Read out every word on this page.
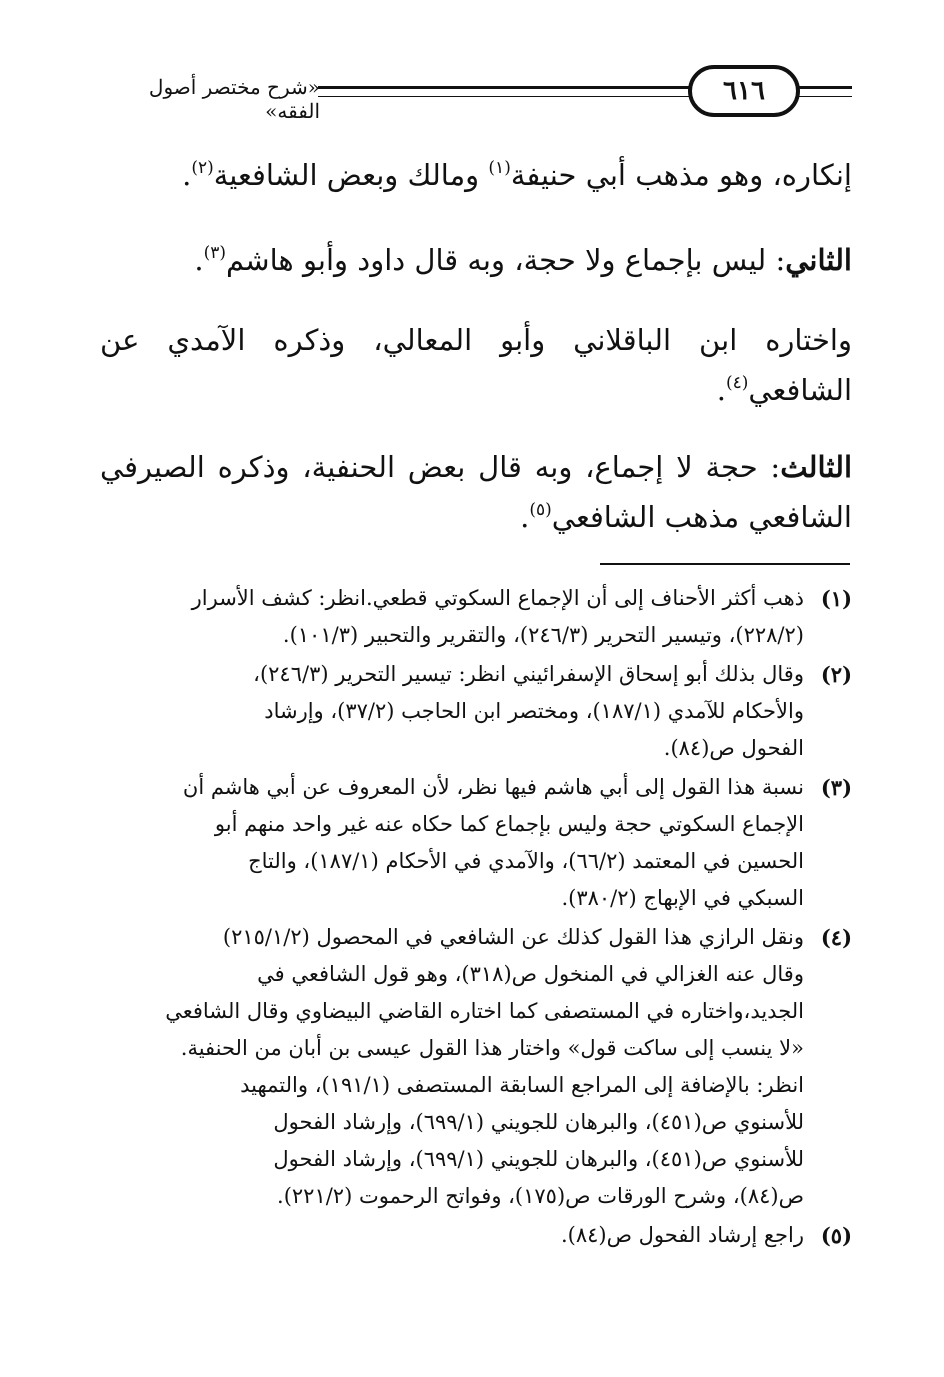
«شرح مختصر أصول الفقه»
٦١٦

إنكاره، وهو مذهب أبي حنيفة$^{(١)}$ ومالك وبعض الشافعية$^{(٢)}$.

الثاني: ليس بإجماع ولا حجة، وبه قال داود وأبو هاشم$^{(٣)}$.

واختاره ابن الباقلاني وأبو المعالي، وذكره الآمدي عن الشافعي$^{(٤)}$.

الثالث: حجة لا إجماع، وبه قال بعض الحنفية، وذكره الصيرفي الشافعي مذهب الشافعي$^{(٥)}$.

(١)
ذهب أكثر الأحناف إلى أن الإجماع السكوتي قطعي.انظر: كشف الأسرار
(٢٢٨/٢)، وتيسير التحرير (٢٤٦/٣)، والتقرير والتحبير (١٠١/٣).
(٢)
وقال بذلك أبو إسحاق الإسفرائيني انظر: تيسير التحرير (٢٤٦/٣)،
والأحكام للآمدي (١٨٧/١)، ومختصر ابن الحاجب (٣٧/٢)، وإرشاد
الفحول ص(٨٤).
(٣)
نسبة هذا القول إلى أبي هاشم فيها نظر، لأن المعروف عن أبي هاشم أن
الإجماع السكوتي حجة وليس بإجماع كما حكاه عنه غير واحد منهم أبو
الحسين في المعتمد (٦٦/٢)، والآمدي في الأحكام (١٨٧/١)، والتاج
السبكي في الإبهاج (٣٨٠/٢).
(٤)
ونقل الرازي هذا القول كذلك عن الشافعي في المحصول (٢١٥/١/٢)
وقال عنه الغزالي في المنخول ص(٣١٨)، وهو قول الشافعي في
الجديد،واختاره في المستصفى كما اختاره القاضي البيضاوي وقال الشافعي
«لا ينسب إلى ساكت قول» واختار هذا القول عيسى بن أبان من الحنفية.
انظر: بالإضافة إلى المراجع السابقة المستصفى (١٩١/١)، والتمهيد
للأسنوي ص(٤٥١)، والبرهان للجويني (٦٩٩/١)، وإرشاد الفحول
للأسنوي ص(٤٥١)، والبرهان للجويني (٦٩٩/١)، وإرشاد الفحول
ص(٨٤)، وشرح الورقات ص(١٧٥)، وفواتح الرحموت (٢٢١/٢).
(٥)
راجع إرشاد الفحول ص(٨٤).
